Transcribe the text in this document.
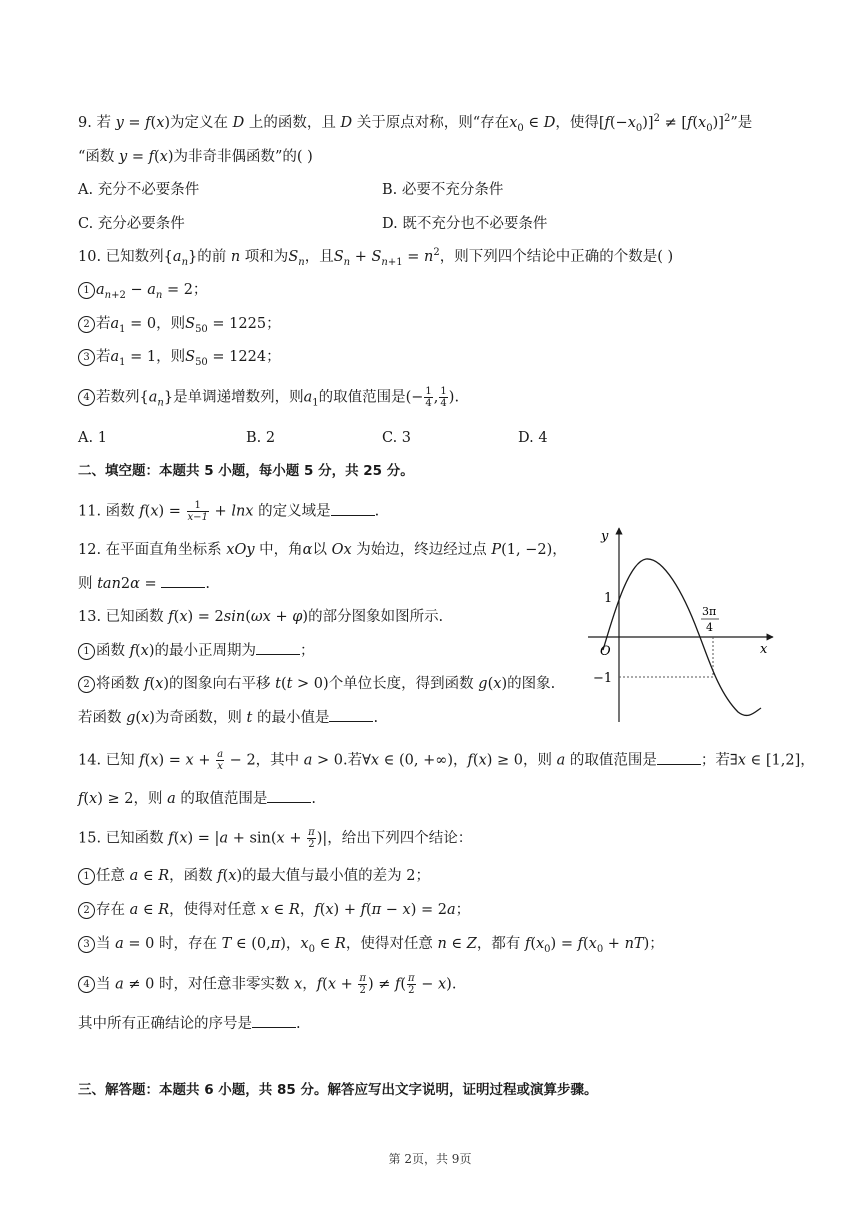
9. 若 y = f(x)为定义在 D 上的函数，且 D 关于原点对称，则“存在$x_0$ ∈ D，使得$[f(-x_0)]^2 \ne [f(x_0)]^2$”是
“函数 y = f(x)为非奇非偶函数”的( )
A. 充分不必要条件	B. 必要不充分条件
C. 充分必要条件	D. 既不充分也不必要条件
10. 已知数列$\{a_n\}$的前 n 项和为$S_n$，且$S_n + S_{n+1} = n^2$，则下列四个结论中正确的个数是( )
1 $a_{n+2} - a_n = 2$；
2 若$a_1 = 0$，则$S_{50} = 1225$；
3 若$a_1 = 1$，则$S_{50} = 1224$；
4 若数列$\{a_n\}$是单调递增数列，则$a_1$的取值范围是(− $\frac{1}{4}$ , $\frac{1}{4}$ ).
A. 1	B. 2	C. 3	D. 4
二、填空题：本题共 5 小题，每小题 5 分，共 25 分。
11. 函数 $f(x) = \frac{1}{x-1} + \ln x$ 的定义域是	.
12. 在平面直角坐标系 xOy 中，角α以 Ox 为始边，终边经过点 P(1, −2)，
则 tan2α =	.
13. 已知函数 f(x) = 2sin(ωx + φ)的部分图象如图所示.
1 函数 f(x)的最小正周期为	；
2 将函数 f(x)的图象向右平移 t(t > 0)个单位长度，得到函数 g(x)的图象.
若函数 g(x)为奇函数，则 t 的最小值是	.
y
x
O
1
−1
3π
4
14. 已知 $f(x) = x + \frac{a}{x} - 2$，其中 a > 0.若∀x ∈ (0, +∞)，f(x) ≥ 0，则 a 的取值范围是	；若∃x ∈ [1,2]，
f(x) ≥ 2，则 a 的取值范围是	.
15. 已知函数 $f(x) = |a + \sin(x + \frac{\pi}{2}$ )|，给出下列四个结论：
1 任意 a ∈ R，函数 f(x)的最大值与最小值的差为 2；
2 存在 a ∈ R，使得对任意 x ∈ R，f(x) + f(π − x) = 2a；
3 当 a = 0 时，存在 T ∈ (0,π)，$x_0$ ∈ R，使得对任意 n ∈ Z，都有 $f(x_0) = f(x_0 + nT)$；
4 当 a ≠ 0 时，对任意非零实数 x，$f(x + \frac{\pi}{2}$ ) ≠ $f( \frac{\pi}{2} - x)$.
其中所有正确结论的序号是	.
三、解答题：本题共 6 小题，共 85 分。解答应写出文字说明，证明过程或演算步骤。
第 2页，共 9页
